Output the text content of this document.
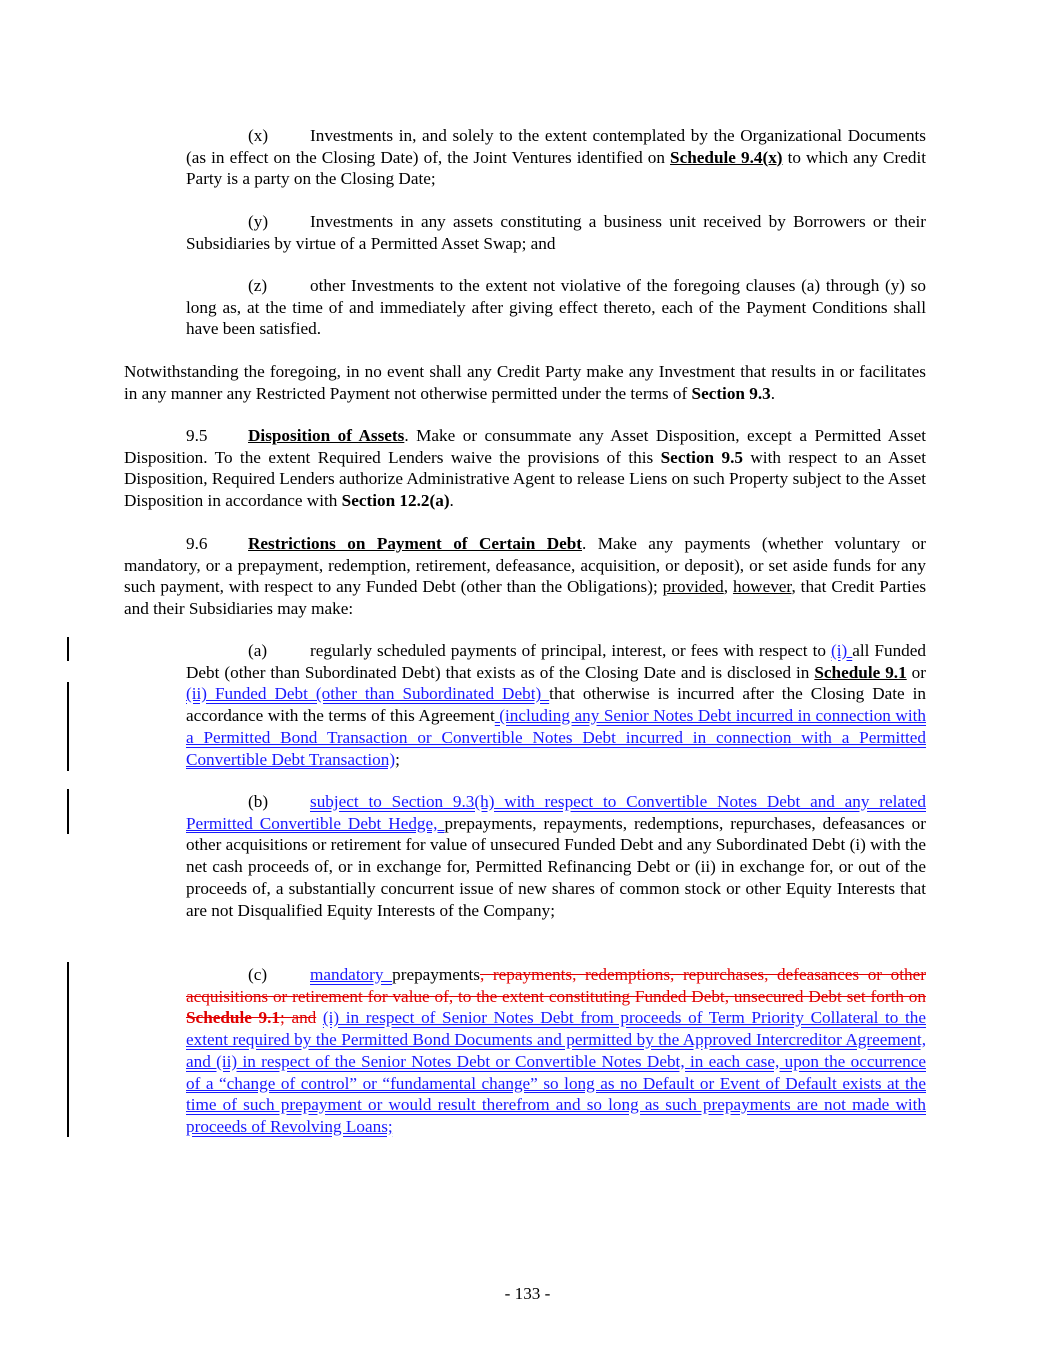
(x) Investments in, and solely to the extent contemplated by the Organizational Documents (as in effect on the Closing Date) of, the Joint Ventures identified on Schedule 9.4(x) to which any Credit Party is a party on the Closing Date;

(y) Investments in any assets constituting a business unit received by Borrowers or their Subsidiaries by virtue of a Permitted Asset Swap; and

(z) other Investments to the extent not violative of the foregoing clauses (a) through (y) so long as, at the time of and immediately after giving effect thereto, each of the Payment Conditions shall have been satisfied.

Notwithstanding the foregoing, in no event shall any Credit Party make any Investment that results in or facilitates in any manner any Restricted Payment not otherwise permitted under the terms of Section 9.3.

9.5 Disposition of Assets. Make or consummate any Asset Disposition, except a Permitted Asset Disposition. To the extent Required Lenders waive the provisions of this Section 9.5 with respect to an Asset Disposition, Required Lenders authorize Administrative Agent to release Liens on such Property subject to the Asset Disposition in accordance with Section 12.2(a).

9.6 Restrictions on Payment of Certain Debt. Make any payments (whether voluntary or mandatory, or a prepayment, redemption, retirement, defeasance, acquisition, or deposit), or set aside funds for any such payment, with respect to any Funded Debt (other than the Obligations); provided, however, that Credit Parties and their Subsidiaries may make:

(a) regularly scheduled payments of principal, interest, or fees with respect to (i) all Funded Debt (other than Subordinated Debt) that exists as of the Closing Date and is disclosed in Schedule 9.1 or (ii) Funded Debt (other than Subordinated Debt) that otherwise is incurred after the Closing Date in accordance with the terms of this Agreement (including any Senior Notes Debt incurred in connection with a Permitted Bond Transaction or Convertible Notes Debt incurred in connection with a Permitted Convertible Debt Transaction);

(b) subject to Section 9.3(h) with respect to Convertible Notes Debt and any related Permitted Convertible Debt Hedge, prepayments, repayments, redemptions, repurchases, defeasances or other acquisitions or retirement for value of unsecured Funded Debt and any Subordinated Debt (i) with the net cash proceeds of, or in exchange for, Permitted Refinancing Debt or (ii) in exchange for, or out of the proceeds of, a substantially concurrent issue of new shares of common stock or other Equity Interests that are not Disqualified Equity Interests of the Company;

(c) mandatory prepayments, repayments, redemptions, repurchases, defeasances or other acquisitions or retirement for value of, to the extent constituting Funded Debt, unsecured Debt set forth on Schedule 9.1; and (i) in respect of Senior Notes Debt from proceeds of Term Priority Collateral to the extent required by the Permitted Bond Documents and permitted by the Approved Intercreditor Agreement, and (ii) in respect of the Senior Notes Debt or Convertible Notes Debt, in each case, upon the occurrence of a “change of control” or “fundamental change” so long as no Default or Event of Default exists at the time of such prepayment or would result therefrom and so long as such prepayments are not made with proceeds of Revolving Loans;

- 133 -
